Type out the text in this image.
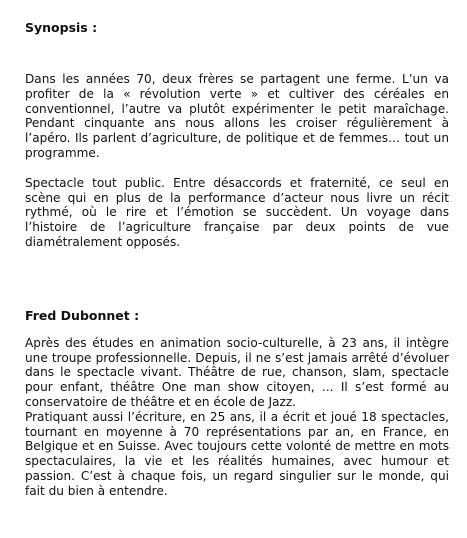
Synopsis :

Dans les années 70, deux frères se partagent une ferme. L’un va profiter de la « révolution verte » et cultiver des céréales en conventionnel, l’autre va plutôt expérimenter le petit maraîchage. Pendant cinquante ans nous allons les croiser régulièrement à l’apéro. Ils parlent d’agriculture, de politique et de femmes… tout un programme.

Spectacle tout public. Entre désaccords et fraternité, ce seul en scène qui en plus de la performance d’acteur nous livre un récit rythmé, où le rire et l’émotion se succèdent. Un voyage dans l’histoire de l’agriculture française par deux points de vue diamétralement opposés.

Fred Dubonnet :

Après des études en animation socio-culturelle, à 23 ans, il intègre une troupe professionnelle. Depuis, il ne s’est jamais arrêté d’évoluer dans le spectacle vivant. Théâtre de rue, chanson, slam, spectacle pour enfant, théâtre One man show citoyen, ... Il s’est formé au conservatoire de théâtre et en école de Jazz.

Pratiquant aussi l’écriture, en 25 ans, il a écrit et joué 18 spectacles, tournant en moyenne à 70 représentations par an, en France, en Belgique et en Suisse. Avec toujours cette volonté de mettre en mots spectaculaires, la vie et les réalités humaines, avec humour et passion. C’est à chaque fois, un regard singulier sur le monde, qui fait du bien à entendre.
